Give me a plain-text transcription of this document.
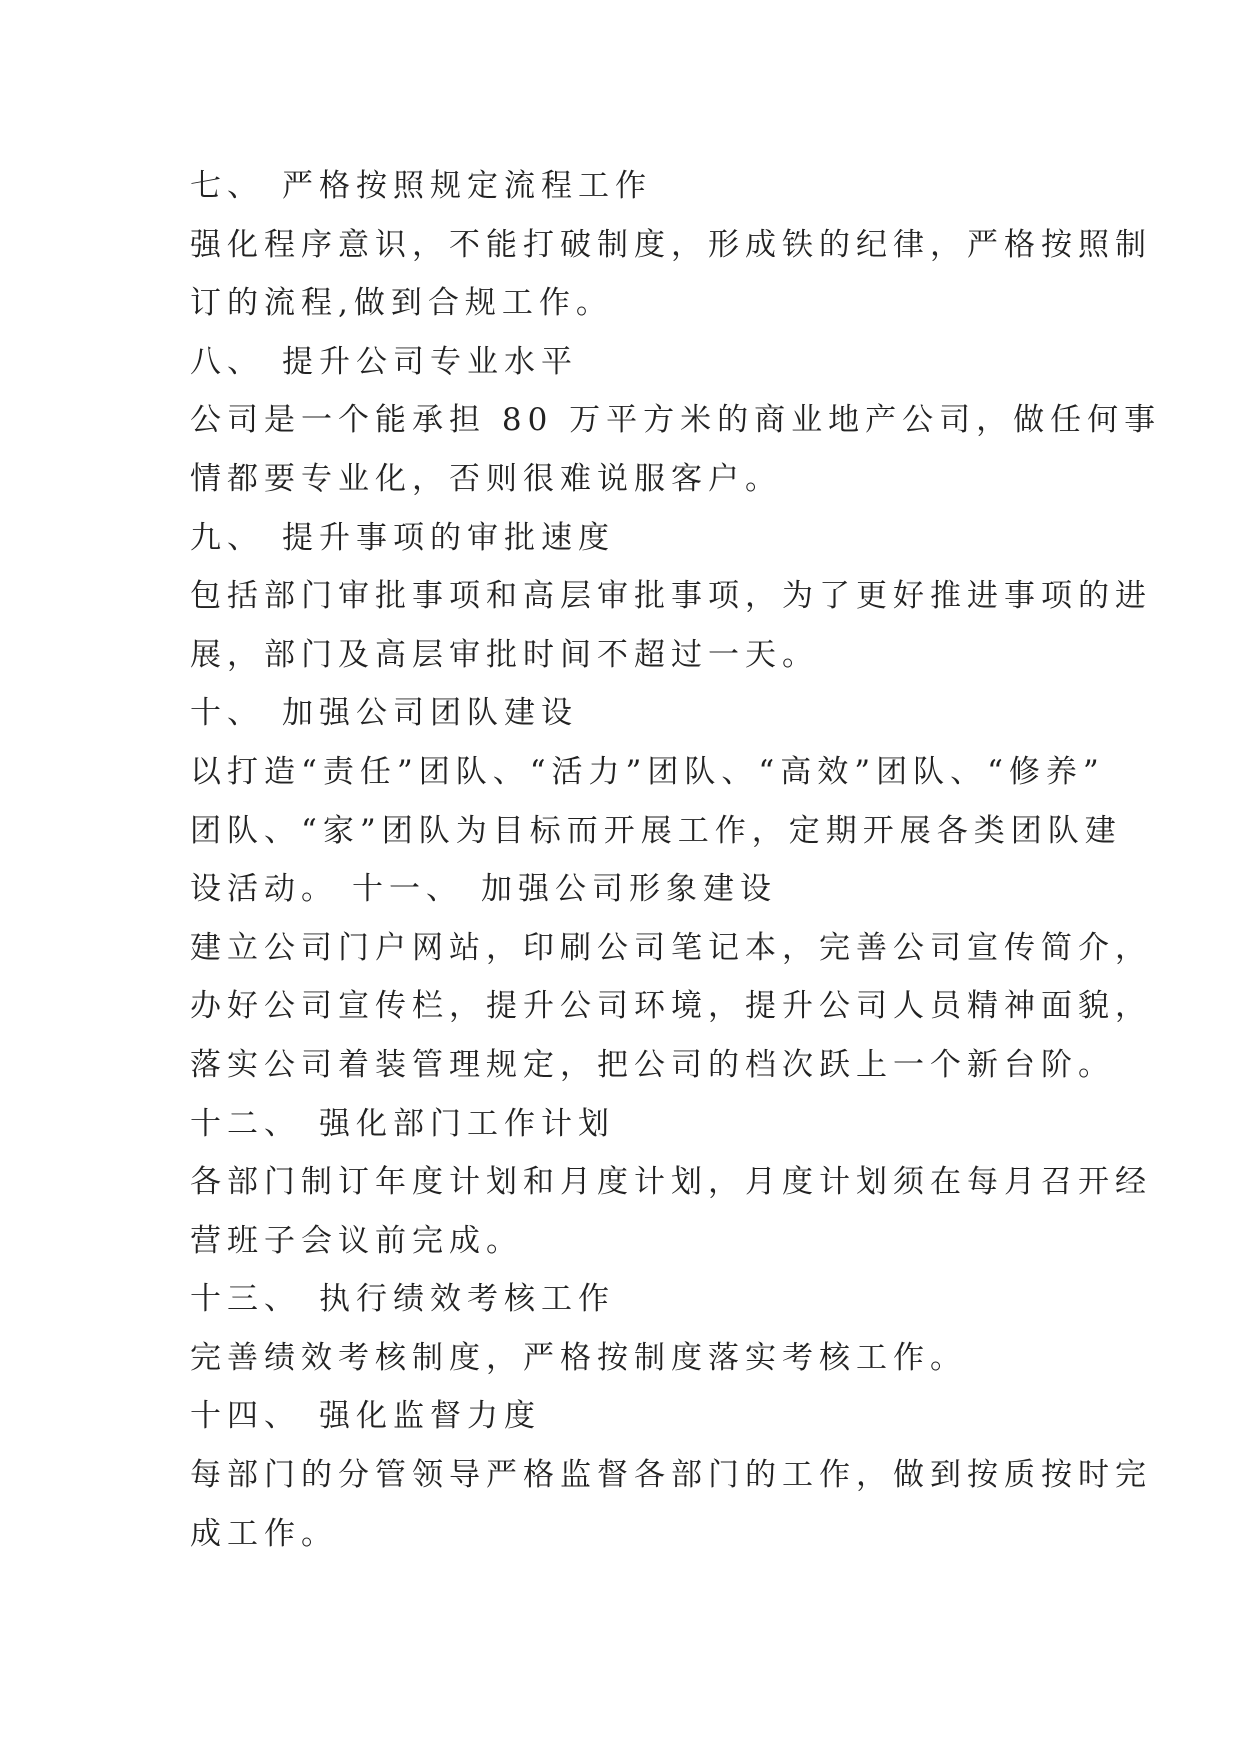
七、 严格按照规定流程工作
强化程序意识，不能打破制度，形成铁的纪律，严格按照制
订的流程,做到合规工作。
八、 提升公司专业水平
公司是一个能承担 80 万平方米的商业地产公司，做任何事
情都要专业化，否则很难说服客户。
九、 提升事项的审批速度
包括部门审批事项和高层审批事项，为了更好推进事项的进
展，部门及高层审批时间不超过一天。
十、 加强公司团队建设
以打造“责任”团队、“活力”团队、“高效”团队、“修养”
团队、“家”团队为目标而开展工作，定期开展各类团队建
设活动。 十一、 加强公司形象建设
建立公司门户网站，印刷公司笔记本，完善公司宣传简介，
办好公司宣传栏，提升公司环境，提升公司人员精神面貌，
落实公司着装管理规定，把公司的档次跃上一个新台阶。
十二、 强化部门工作计划
各部门制订年度计划和月度计划，月度计划须在每月召开经
营班子会议前完成。
十三、 执行绩效考核工作
完善绩效考核制度，严格按制度落实考核工作。
十四、 强化监督力度
每部门的分管领导严格监督各部门的工作，做到按质按时完
成工作。
